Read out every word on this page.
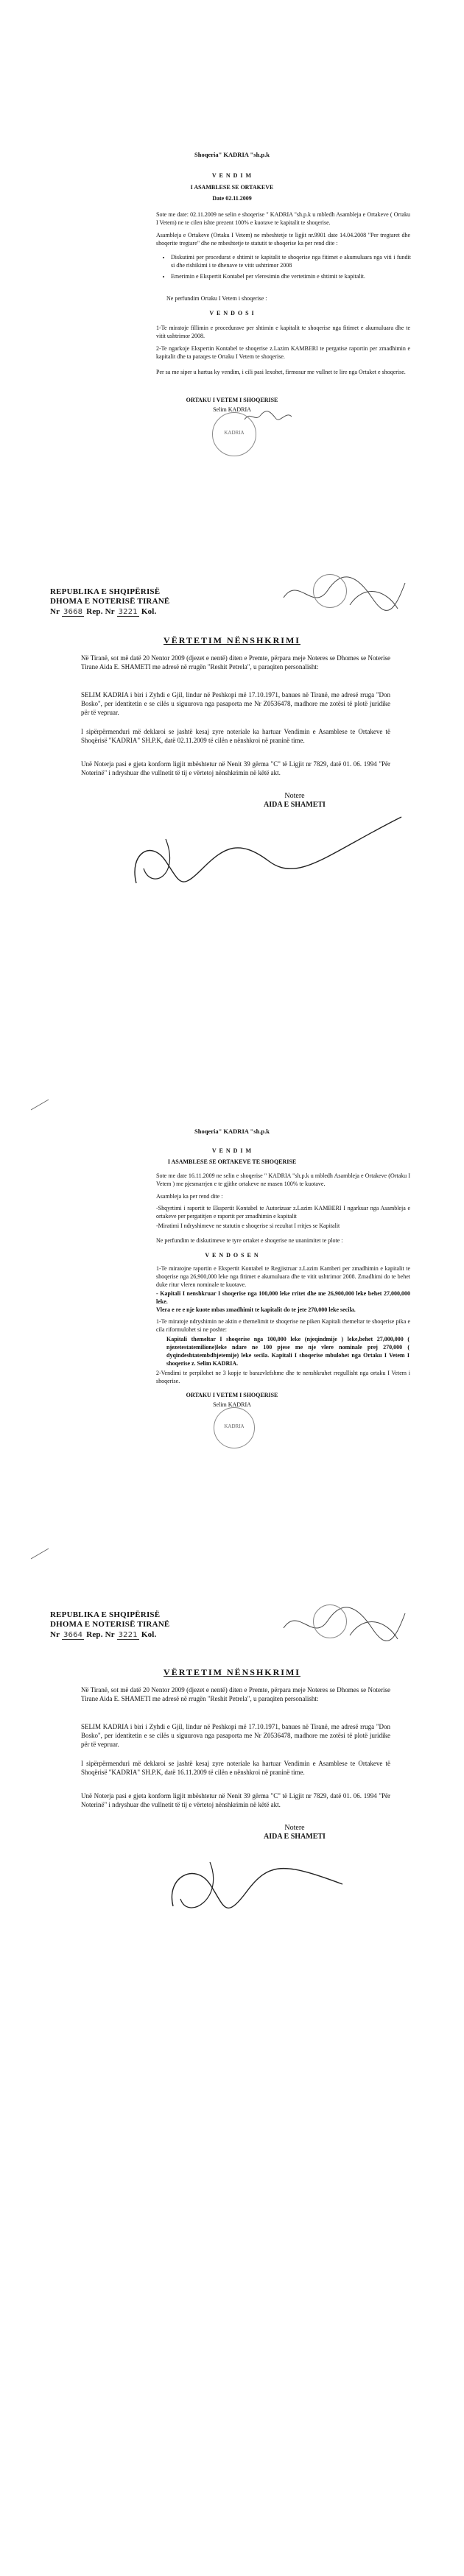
Shoqeria" KADRIA "sh.p.k
V E N D I M
I ASAMBLESE SE ORTAKEVE
Date 02.11.2009
Sote me date: 02.11.2009 ne selin e shoqerise " KADRIA "sh.p.k u mbledh Asambleja e Ortakeve ( Ortaku I Vetem) ne te cilen ishte prezent 100% e kuotave te kapitalit te shoqerise.
Asambleja e Ortakeve (Ortaku I Vetem) ne mbeshtetje te ligjit nr.9901 date 14.04.2008 "Per tregtaret dhe shoqerite tregtare" dhe ne mbeshtetje te statutit te shoqerise ka per rend dite :
• Diskutimi per procedurat e shtimit te kapitalit te shoqerise nga fitimet e akumuluara nga viti i fundit si dhe rishikimi i te dhenave te vitit ushtrimor 2008
• Emerimin e Ekspertit Kontabel per vleresimin dhe vertetimin e shtimit te kapitalit.
Ne perfundim Ortaku I Vetem i shoqerise :
V E N D O S I
1-Te miratoje fillimin e procedurave per shtimin e kapitalit te shoqerise nga fitimet e akumuluara dhe te vitit ushtrimor 2008.
2-Te ngarkoje Ekspertin Kontabel te shoqerise z.Lazim KAMBERI te pergatise raportin per zmadhimin e kapitalit dhe ta paraqes te Ortaku I Vetem te shoqerise.
Per sa me siper u hartua ky vendim, i cili pasi lexohet, firmosur me vullnet te lire nga Ortaket e shoqerise.
ORTAKU I VETEM I SHOQERISE
Selim KADRIA
KADRIA
REPUBLIKA E SHQIPËRISË
DHOMA E NOTERISË TIRANË
Nr 3668 Rep. Nr 3221 Kol.
VËRTETIM NËNSHKRIMI
Në Tiranë, sot më datë 20 Nentor 2009 (djezet e nentë) diten e Premte, përpara meje Noteres se Dhomes se Noterise Tirane Aida E. SHAMETI me adresë në rrugën "Reshit Petrela", u paraqiten personalisht:
SELIM KADRIA i biri i Zyhdi e Gjil, lindur në Peshkopi më 17.10.1971, banues në Tiranë, me adresë rruga "Don Bosko", per identitetin e se cilës u siguurova nga pasaporta me Nr Z0536478, madhore me zotësi të plotë juridike për të vepruar.
I sipërpërmenduri më deklaroi se jashtë kesaj zyre noteriale ka hartuar Vendimin e Asamblese te Ortakeve të Shoqërisë "KADRIA" SH.P.K, datë 02.11.2009 të cilën e nënshkroi në praninë time.
Unë Noterja pasi e gjeta konform ligjit mbështetur në Nenit 39 gërma "C" të Ligjit nr 7829, datë 01. 06. 1994 "Për Noterinë" i ndryshuar dhe vullnetit të tij e vërtetoj nënshkrimin në këtë akt.
Notere
AIDA E SHAMETI
Shoqeria" KADRIA "sh.p.k
V E N D I M
I ASAMBLESE SE ORTAKEVE TE SHOQERISE
Sote me date 16.11.2009 ne selin e shoqerise " KADRIA "sh.p.k u mbledh Asambleja e Ortakeve (Ortaku I Vetem ) me pjesmarrjen e te gjithe ortakeve ne masen 100% te kuotave.
Asambleja ka per rend dite :
-Shqyrtimi i raportit te Ekspertit Kontabel te Autorizuar z.Lazim KAMBERI I ngarkuar nga Asambleja e ortakeve per pergatitjen e raportit per zmadhimin e kapitalit
-Miratimi I ndryshimeve ne statutin e shoqerise si rezultat I rritjes se Kapitalit
Ne perfundim te diskutimeve te tyre ortaket e shoqerise ne unanimitet te plote :
V E N D O S E N
1-Te miratojne raportin e Ekspertit Kontabel te Regjistruar z.Lazim Kamberi per zmadhimin e kapitalit te shoqerise nga 26,900,000 leke nga fitimet e akumuluara dhe te vitit ushtrimor 2008. Zmadhimi do te behet duke ritur vleren nominale te kuotave.
- Kapitali I nenshkruar I shoqerise nga 100,000 leke rritet dhe me 26,900,000 leke behet 27,000,000 leke.
Vlera e re e nje kuote mbas zmadhimit te kapitalit do te jete 270,000 leke secila.
1-Te miratoje ndryshimin ne aktin e themelimit te shoqerise ne piken Kapitali themeltar te shoqerise pika e cila riformulohet si ne poshte:
Kapitali themeltar I shoqerise nga 100,000 leke (njeqindmije ) leke,behet 27,000,000 ( njezetestatemilione)leke ndare ne 100 pjese me nje vlere nominale prej 270,000 ( dyqindeshtatembdhjetemije) leke secila. Kapitali I shoqerise mbulohet nga Ortaku I Vetem I shoqerise z. Selim KADRIA.
2-Vendimi te perpilohet ne 3 kopje te barazvlefshme dhe te nenshkruhet rregullisht nga ortaku I Vetem i shoqerise.
ORTAKU I VETEM I SHOQERISE
Selim KADRIA
KADRIA
REPUBLIKA E SHQIPËRISË
DHOMA E NOTERISË TIRANË
Nr 3664 Rep. Nr 3221 Kol.
VËRTETIM NËNSHKRIMI
Në Tiranë, sot më datë 20 Nentor 2009 (djezet e nentë) diten e Premte, përpara meje Noteres se Dhomes se Noterise Tirane Aida E. SHAMETI me adresë në rrugën "Reshit Petrela", u paraqiten personalisht:
SELIM KADRIA i biri i Zyhdi e Gjil, lindur në Peshkopi më 17.10.1971, banues në Tiranë, me adresë rruga "Don Bosko", per identitetin e se cilës u siguurova nga pasaporta me Nr Z0536478, madhore me zotësi të plotë juridike për të vepruar.
I sipërpërmenduri më deklaroi se jashtë kesaj zyre noteriale ka hartuar Vendimin e Asamblese te Ortakeve të Shoqërisë "KADRIA" SH.P.K, datë 16.11.2009 të cilën e nënshkroi në praninë time.
Unë Noterja pasi e gjeta konform ligjit mbështetur në Nenit 39 gërma "C" të Ligjit nr 7829, datë 01. 06. 1994 "Për Noterinë" i ndryshuar dhe vullnetit të tij e vërtetoj nënshkrimin në këtë akt.
Notere
AIDA E SHAMETI
